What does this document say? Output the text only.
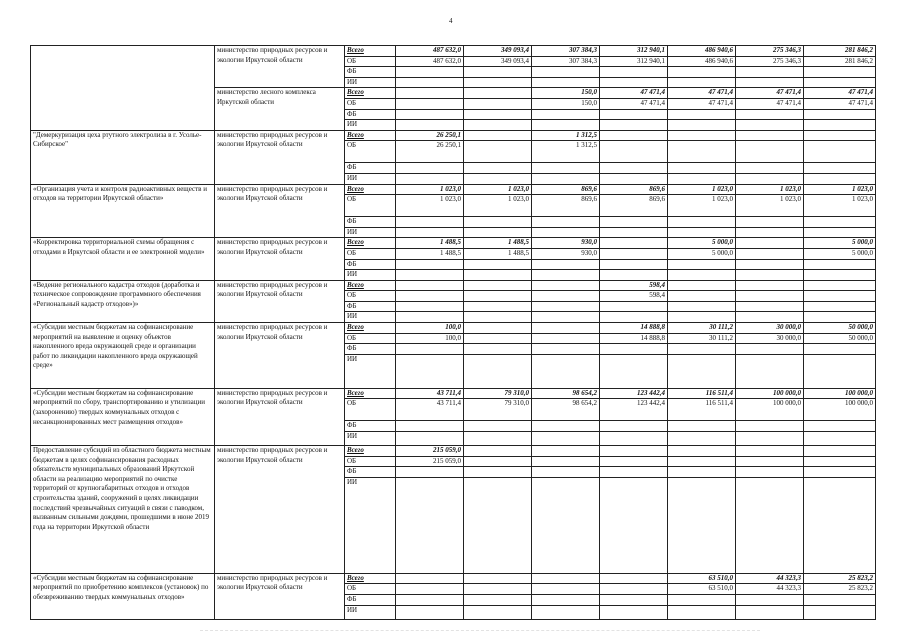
4
	министерство природных ресурсов и экологии Иркутской области	Всего	487 632,0	349 093,4	307 384,3	312 940,1	486 940,6	275 346,3	281 846,2
		ОБ	487 632,0	349 093,4	307 384,3	312 940,1	486 940,6	275 346,3	281 846,2
		ФБ							
		ИИ							
	министерство лесного комплекса Иркутской области	Всего			150,0	47 471,4	47 471,4	47 471,4	47 471,4
		ОБ			150,0	47 471,4	47 471,4	47 471,4	47 471,4
		ФБ							
		ИИ							
"Демеркуризация цеха ртутного электролиза в г. Усолье-Сибирское"	министерство природных ресурсов и экологии Иркутской области	Всего	26 250,1		1 312,5				
		ОБ	26 250,1		1 312,5				
		ФБ							
		ИИ							
«Организация учета и контроля радиоактивных веществ и отходов на территории Иркутской области»	министерство природных ресурсов и экологии Иркутской области	Всего	1 023,0	1 023,0	869,6	869,6	1 023,0	1 023,0	1 023,0
		ОБ	1 023,0	1 023,0	869,6	869,6	1 023,0	1 023,0	1 023,0
		ФБ							
		ИИ							
«Корректировка территориальной схемы обращения с отходами в Иркутской области и ее электронной модели»	министерство природных ресурсов и экологии Иркутской области	Всего	1 488,5	1 488,5	930,0		5 000,0		5 000,0
		ОБ	1 488,5	1 488,5	930,0		5 000,0		5 000,0
		ФБ							
		ИИ							
«Ведение регионального кадастра отходов (доработка и техническое сопровождение программного обеспечения «Региональный кадастр отходов»)»	министерство природных ресурсов и экологии Иркутской области	Всего				598,4			
		ОБ				598,4			
		ФБ							
		ИИ							
«Субсидии местным бюджетам на софинансирование мероприятий на выявление и оценку объектов накопленного вреда окружающей среде и организации работ по ликвидации накопленного вреда окружающей среде»	министерство природных ресурсов и экологии Иркутской области	Всего	100,0			14 888,8	30 111,2	30 000,0	50 000,0
		ОБ	100,0			14 888,8	30 111,2	30 000,0	50 000,0
		ФБ							
		ИИ							
«Субсидии местным бюджетам на софинансирование мероприятий по сбору, транспортированию и утилизации (захоронению) твердых коммунальных отходов с несанкционированных мест размещения отходов»	министерство природных ресурсов и экологии Иркутской области	Всего	43 711,4	79 310,0	98 654,2	123 442,4	116 511,4	100 000,0	100 000,0
		ОБ	43 711,4	79 310,0	98 654,2	123 442,4	116 511,4	100 000,0	100 000,0
		ФБ							
		ИИ							
Предоставление субсидий из областного бюджета местным бюджетам в целях софинансирования расходных обязательств муниципальных образований Иркутской области на реализацию мероприятий по очистке территорий от крупногабаритных отходов и отходов строительства зданий, сооружений в целях ликвидации последствий чрезвычайных ситуаций в связи с паводком, вызванным сильными дождями, прошедшими в июне 2019 года на территории Иркутской области	министерство природных ресурсов и экологии Иркутской области	Всего	215 059,0						
		ОБ	215 059,0						
		ФБ							
		ИИ							
«Субсидии местным бюджетам на софинансирование мероприятий по приобретению комплексов (установок) по обезвреживанию твердых коммунальных отходов»	министерство природных ресурсов и экологии Иркутской области	Всего					63 510,0	44 323,3	25 823,2
		ОБ					63 510,0	44 323,3	25 823,2
		ФБ							
		ИИ							
